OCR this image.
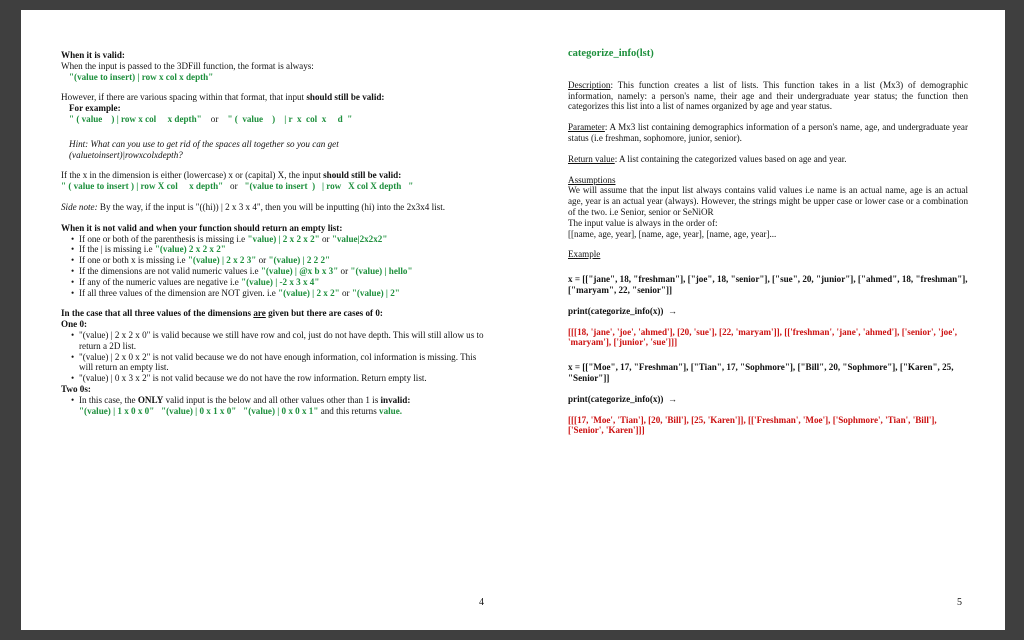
When it is valid:

When the input is passed to the 3DFill function, the format is always:

"(value to insert) | row x col x depth"

However, if there are various spacing within that format, that input should still be valid:

For example:

" ( value    ) | row x col     x depth" or " (  value    )    | r  x  col  x     d  "

Hint: What can you use to get rid of the spaces all together so you can get
(valuetoinsert)|rowxcolxdepth?

If the x in the dimension is either (lowercase) x or (capital) X, the input should still be valid:

" ( value to insert ) | row X col     x depth" or "(value to insert  )   | row   X col X depth   "

Side note: By the way, if the input is "((hi)) | 2 x 3 x 4", then you will be inputting (hi) into the 2x3x4 list.

When it is not valid and when your function should return an empty list:

• If one or both of the parenthesis is missing i.e "value) | 2 x 2 x 2" or "value|2x2x2"
• If the | is missing i.e "(value) 2 x 2 x 2"
• If one or both x is missing i.e "(value) | 2 x 2 3" or "(value) | 2 2 2"
• If the dimensions are not valid numeric values i.e "(value) | @x b x 3" or "(value) | hello"
• If any of the numeric values are negative i.e "(value) | -2 x 3 x 4"
• If all three values of the dimension are NOT given. i.e "(value) | 2 x 2" or "(value) | 2"

In the case that all three values of the dimensions are given but there are cases of 0:

One 0:

• "(value) | 2 x 2 x 0" is valid because we still have row and col, just do not have depth. This will still allow us to return a 2D list.
• "(value) | 2 x 0 x 2" is not valid because we do not have enough information, col information is missing. This will return an empty list.
• "(value) | 0 x 3 x 2" is not valid because we do not have the row information. Return empty list.

Two 0s:

• In this case, the ONLY valid input is the below and all other values other than 1 is invalid:
"(value) | 1 x 0 x 0" "(value) | 0 x 1 x 0" "(value) | 0 x 0 x 1" and this returns value.
4

categorize_info(lst)

Description: This function creates a list of lists. This function takes in a list (Mx3) of demographic information, namely: a person's name, their age and their undergraduate year status; the function then categorizes this list into a list of names organized by age and year status.

Parameter: A Mx3 list containing demographics information of a person's name, age, and undergraduate year status (i.e freshman, sophomore, junior, senior).

Return value: A list containing the categorized values based on age and year.

Assumptions

We will assume that the input list always contains valid values i.e name is an actual name, age is an actual age, year is an actual year (always). However, the strings might be upper case or lower case or a combination of the two. i.e Senior, senior or SeNiOR

The input value is always in the order of:

[[name, age, year], [name, age, year], [name, age, year]...

Example

x = [["jane", 18, "freshman"], ["joe", 18, "senior"], ["sue", 20, "junior"], ["ahmed", 18, "freshman"], ["maryam", 22, "senior"]]

print(categorize_info(x)) →

[[[18, 'jane', 'joe', 'ahmed'], [20, 'sue'], [22, 'maryam']], [['freshman', 'jane', 'ahmed'], ['senior', 'joe', 'maryam'], ['junior', 'sue']]]

x = [["Moe", 17, "Freshman"], ["Tian", 17, "Sophmore"], ["Bill", 20, "Sophmore"], ["Karen", 25, "Senior"]]

print(categorize_info(x)) →

[[[17, 'Moe', 'Tian'], [20, 'Bill'], [25, 'Karen']], [['Freshman', 'Moe'], ['Sophmore', 'Tian', 'Bill'], ['Senior', 'Karen']]]

5
